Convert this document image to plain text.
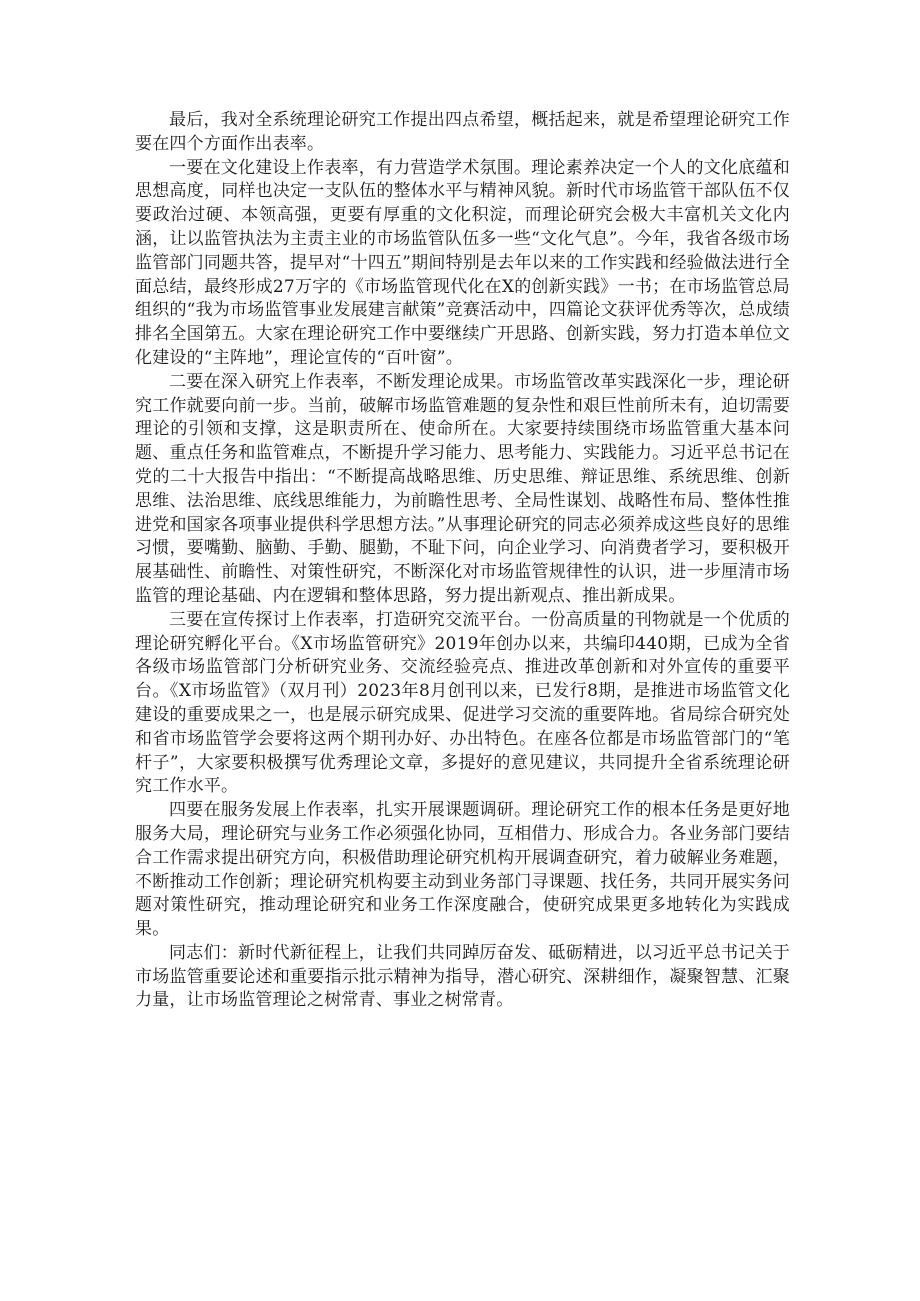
最后，我对全系统理论研究工作提出四点希望，概括起来，就是希望理论研究工作要在四个方面作出表率。

一要在文化建设上作表率，有力营造学术氛围。理论素养决定一个人的文化底蕴和思想高度，同样也决定一支队伍的整体水平与精神风貌。新时代市场监管干部队伍不仅要政治过硬、本领高强，更要有厚重的文化积淀，而理论研究会极大丰富机关文化内涵，让以监管执法为主责主业的市场监管队伍多一些“文化气息”。今年，我省各级市场监管部门同题共答，提早对“十四五”期间特别是去年以来的工作实践和经验做法进行全面总结，最终形成27万字的《市场监管现代化在X的创新实践》一书；在市场监管总局组织的“我为市场监管事业发展建言献策”竞赛活动中，四篇论文获评优秀等次，总成绩排名全国第五。大家在理论研究工作中要继续广开思路、创新实践，努力打造本单位文化建设的“主阵地”，理论宣传的“百叶窗”。

二要在深入研究上作表率，不断发理论成果。市场监管改革实践深化一步，理论研究工作就要向前一步。当前，破解市场监管难题的复杂性和艰巨性前所未有，迫切需要理论的引领和支撑，这是职责所在、使命所在。大家要持续围绕市场监管重大基本问题、重点任务和监管难点，不断提升学习能力、思考能力、实践能力。习近平总书记在党的二十大报告中指出：“不断提高战略思维、历史思维、辩证思维、系统思维、创新思维、法治思维、底线思维能力，为前瞻性思考、全局性谋划、战略性布局、整体性推进党和国家各项事业提供科学思想方法。”从事理论研究的同志必须养成这些良好的思维习惯，要嘴勤、脑勤、手勤、腿勤，不耻下问，向企业学习、向消费者学习，要积极开展基础性、前瞻性、对策性研究，不断深化对市场监管规律性的认识，进一步厘清市场监管的理论基础、内在逻辑和整体思路，努力提出新观点、推出新成果。

三要在宣传探讨上作表率，打造研究交流平台。一份高质量的刊物就是一个优质的理论研究孵化平台。《X市场监管研究》2019年创办以来，共编印440期，已成为全省各级市场监管部门分析研究业务、交流经验亮点、推进改革创新和对外宣传的重要平台。《X市场监管》（双月刊）2023年8月创刊以来，已发行8期，是推进市场监管文化建设的重要成果之一，也是展示研究成果、促进学习交流的重要阵地。省局综合研究处和省市场监管学会要将这两个期刊办好、办出特色。在座各位都是市场监管部门的“笔杆子”，大家要积极撰写优秀理论文章，多提好的意见建议，共同提升全省系统理论研究工作水平。

四要在服务发展上作表率，扎实开展课题调研。理论研究工作的根本任务是更好地服务大局，理论研究与业务工作必须强化协同，互相借力、形成合力。各业务部门要结合工作需求提出研究方向，积极借助理论研究机构开展调查研究，着力破解业务难题，不断推动工作创新；理论研究机构要主动到业务部门寻课题、找任务，共同开展实务问题对策性研究，推动理论研究和业务工作深度融合，使研究成果更多地转化为实践成果。

同志们：新时代新征程上，让我们共同踔厉奋发、砥砺精进，以习近平总书记关于市场监管重要论述和重要指示批示精神为指导，潜心研究、深耕细作，凝聚智慧、汇聚力量，让市场监管理论之树常青、事业之树常青。
